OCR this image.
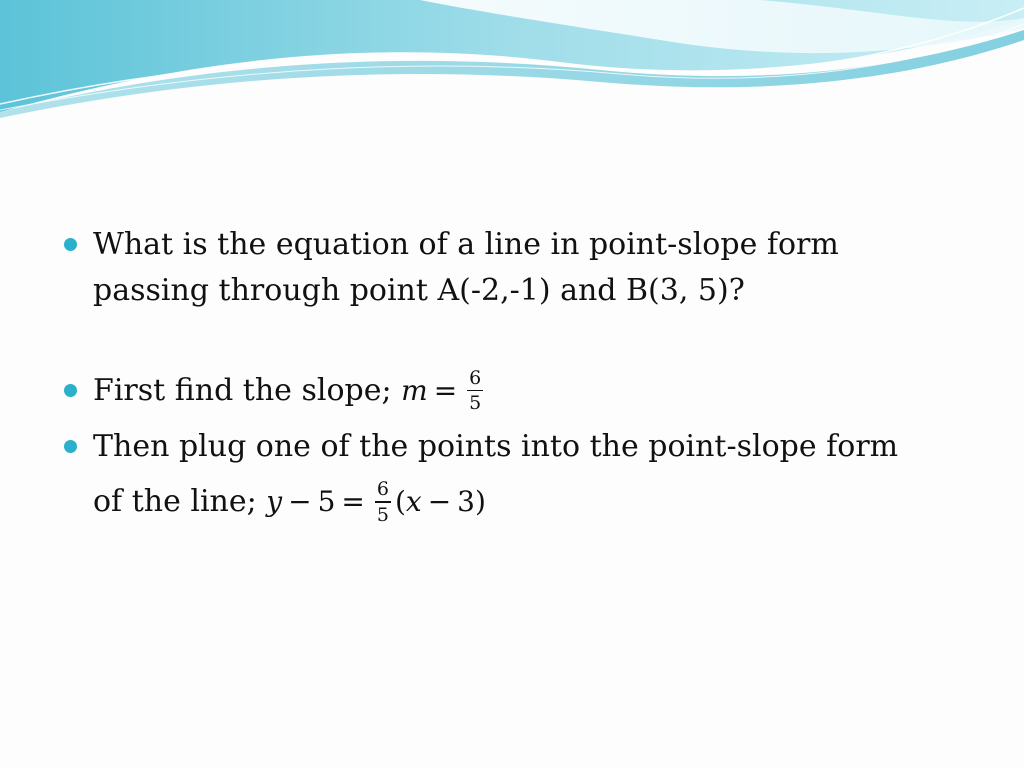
What is the equation of a line in point-slope form
passing through point A(-2,-1) and B(3, 5)?
First find the slope; $m = \frac{6}{5}$
Then plug one of the points into the point-slope form
of the line; $y - 5 = \frac{6}{5} (x - 3)$
